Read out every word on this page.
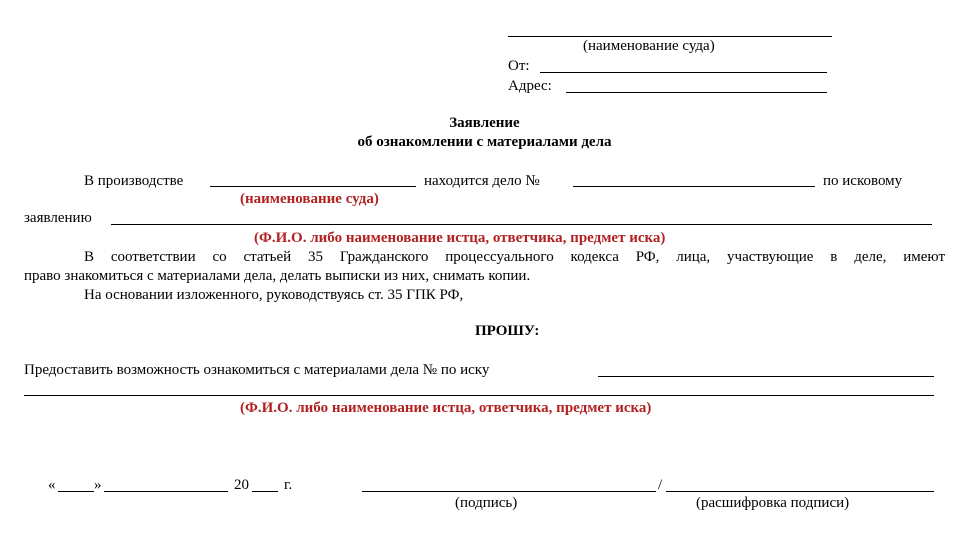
(наименование суда)
От:
Адрес:
Заявление
об ознакомлении с материалами дела
В производстве	находится дело №	по исковому
(наименование суда)
заявлению
(Ф.И.О. либо наименование истца, ответчика, предмет иска)
В соответствии со статьей 35 Гражданского процессуального кодекса РФ, лица, участвующие в деле, имеют
право знакомиться с материалами дела, делать выписки из них, снимать копии.
На основании изложенного, руководствуясь ст. 35 ГПК РФ,
ПРОШУ:
Предоставить возможность ознакомиться с материалами дела № по иску
(Ф.И.О. либо наименование истца, ответчика, предмет иска)
«	»	20 г.	/
(подпись)	(расшифровка подписи)
